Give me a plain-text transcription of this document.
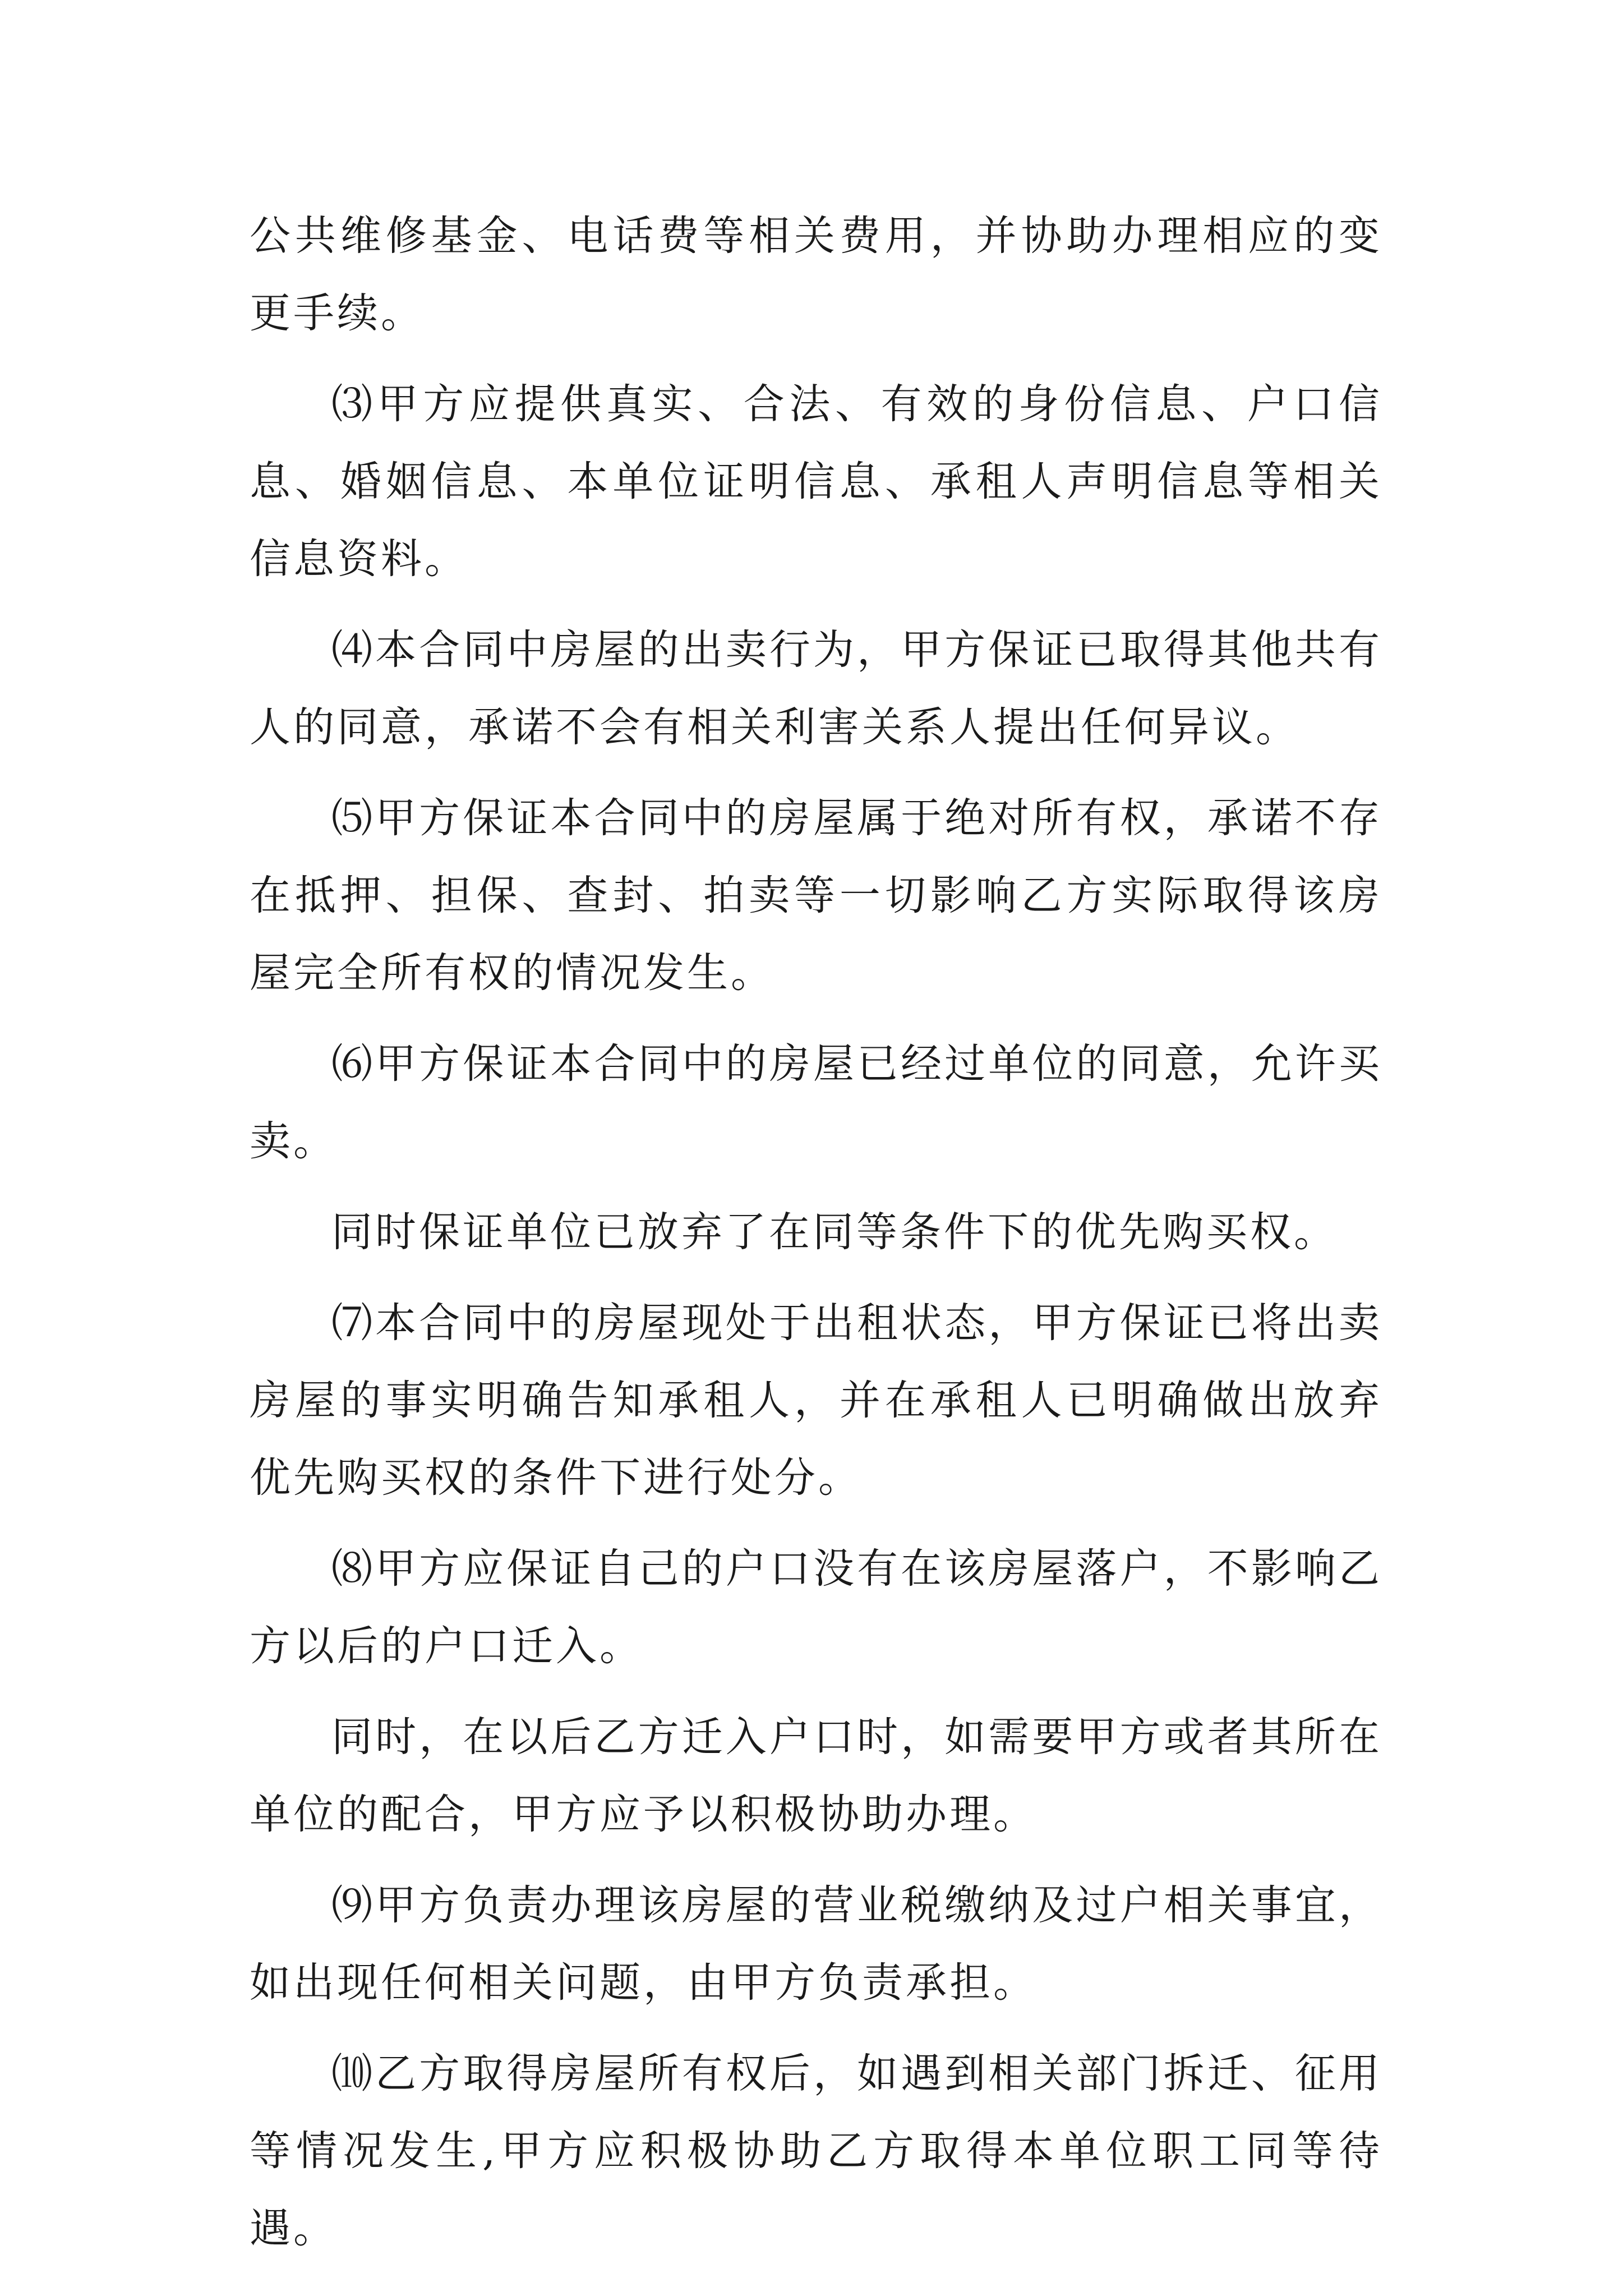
公共维修基金、电话费等相关费用，并协助办理相应的变更手续。

⑶甲方应提供真实、合法、有效的身份信息、户口信息、婚姻信息、本单位证明信息、承租人声明信息等相关信息资料。

⑷本合同中房屋的出卖行为，甲方保证已取得其他共有人的同意，承诺不会有相关利害关系人提出任何异议。

⑸甲方保证本合同中的房屋属于绝对所有权，承诺不存在抵押、担保、查封、拍卖等一切影响乙方实际取得该房屋完全所有权的情况发生。

⑹甲方保证本合同中的房屋已经过单位的同意，允许买卖。

同时保证单位已放弃了在同等条件下的优先购买权。

⑺本合同中的房屋现处于出租状态，甲方保证已将出卖房屋的事实明确告知承租人，并在承租人已明确做出放弃优先购买权的条件下进行处分。

⑻甲方应保证自己的户口没有在该房屋落户，不影响乙方以后的户口迁入。

同时，在以后乙方迁入户口时，如需要甲方或者其所在单位的配合，甲方应予以积极协助办理。

⑼甲方负责办理该房屋的营业税缴纳及过户相关事宜，如出现任何相关问题，由甲方负责承担。

⑽乙方取得房屋所有权后，如遇到相关部门拆迁、征用等情况发生,甲方应积极协助乙方取得本单位职工同等待遇。
